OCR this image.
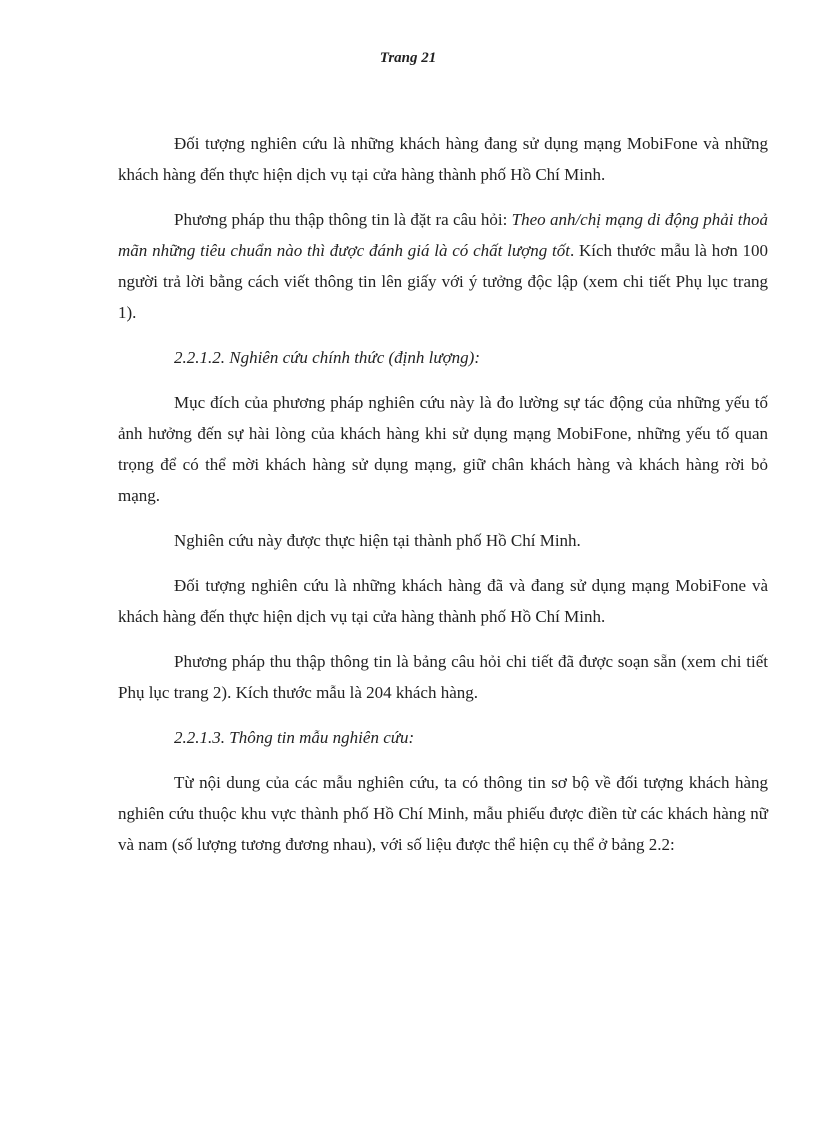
Trang 21

Đối tượng nghiên cứu là những khách hàng đang sử dụng mạng MobiFone và những khách hàng đến thực hiện dịch vụ tại cửa hàng thành phố Hồ Chí Minh.

Phương pháp thu thập thông tin là đặt ra câu hỏi: Theo anh/chị mạng di động phải thoả mãn những tiêu chuẩn nào thì được đánh giá là có chất lượng tốt. Kích thước mẫu là hơn 100 người trả lời bằng cách viết thông tin lên giấy với ý tưởng độc lập (xem chi tiết Phụ lục trang 1).

2.2.1.2. Nghiên cứu chính thức (định lượng):

Mục đích của phương pháp nghiên cứu này là đo lường sự tác động của những yếu tố ảnh hưởng đến sự hài lòng của khách hàng khi sử dụng mạng MobiFone, những yếu tố quan trọng để có thể mời khách hàng sử dụng mạng, giữ chân khách hàng và khách hàng rời bỏ mạng.

Nghiên cứu này được thực hiện tại thành phố Hồ Chí Minh.

Đối tượng nghiên cứu là những khách hàng đã và đang sử dụng mạng MobiFone và khách hàng đến thực hiện dịch vụ tại cửa hàng thành phố Hồ Chí Minh.

Phương pháp thu thập thông tin là bảng câu hỏi chi tiết đã được soạn sẵn (xem chi tiết Phụ lục trang 2). Kích thước mẫu là 204 khách hàng.

2.2.1.3. Thông tin mẫu nghiên cứu:

Từ nội dung của các mẫu nghiên cứu, ta có thông tin sơ bộ về đối tượng khách hàng nghiên cứu thuộc khu vực thành phố Hồ Chí Minh, mẫu phiếu được điền từ các khách hàng nữ và nam (số lượng tương đương nhau), với số liệu được thể hiện cụ thể ở bảng 2.2:
